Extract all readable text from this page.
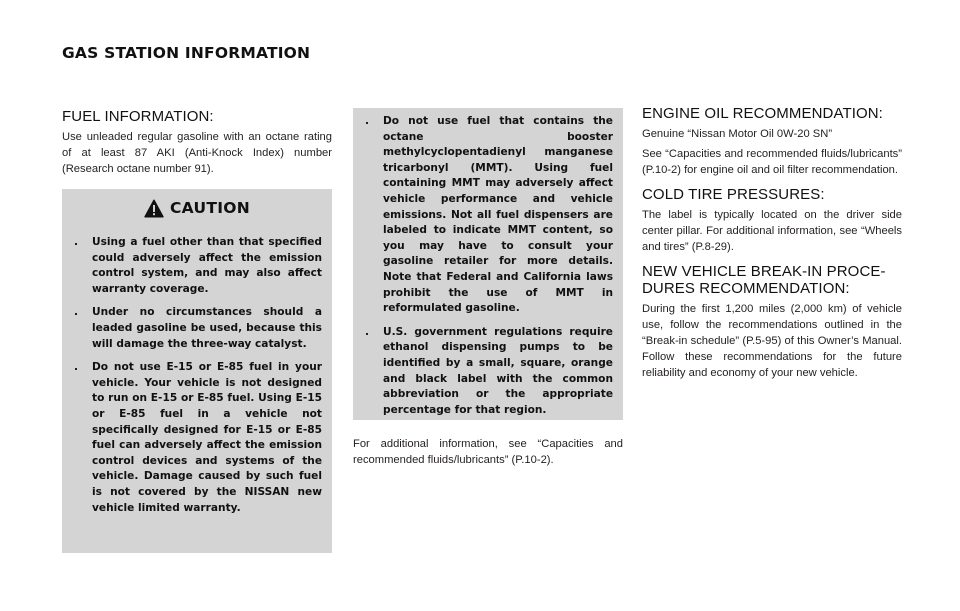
GAS STATION INFORMATION
FUEL INFORMATION:

Use unleaded regular gasoline with an octane rating of at least 87 AKI (Anti-Knock Index) number (Research octane number 91).

CAUTION
. Using a fuel other than that specified could adversely affect the emission control system, and may also affect warranty coverage.
. Under no circumstances should a leaded gasoline be used, because this will damage the three-way catalyst.
. Do not use E-15 or E-85 fuel in your vehicle. Your vehicle is not designed to run on E-15 or E-85 fuel. Using E-15 or E-85 fuel in a vehicle not specifically designed for E-15 or E-85 fuel can adversely affect the emission control devices and systems of the vehicle. Damage caused by such fuel is not covered by the NISSAN new vehicle limited warranty.
. Do not use fuel that contains the octane booster methylcyclopentadienyl manganese tricarbonyl (MMT). Using fuel containing MMT may adversely affect vehicle performance and vehicle emissions. Not all fuel dispensers are labeled to indicate MMT content, so you may have to consult your gasoline retailer for more details. Note that Federal and California laws prohibit the use of MMT in reformulated gasoline.
. U.S. government regulations require ethanol dispensing pumps to be identified by a small, square, orange and black label with the common abbreviation or the appropriate percentage for that region.

For additional information, see “Capacities and recommended fluids/lubricants” (P.10-2).

ENGINE OIL RECOMMENDATION:

Genuine “Nissan Motor Oil 0W-20 SN”

See “Capacities and recommended fluids/lubricants” (P.10-2) for engine oil and oil filter recommendation.

COLD TIRE PRESSURES:

The label is typically located on the driver side center pillar. For additional information, see “Wheels and tires” (P.8-29).

NEW VEHICLE BREAK-IN PROCE-
DURES RECOMMENDATION:

During the first 1,200 miles (2,000 km) of vehicle use, follow the recommendations outlined in the “Break-in schedule” (P.5-95) of this Owner’s Manual. Follow these recommendations for the future reliability and economy of your new vehicle.
